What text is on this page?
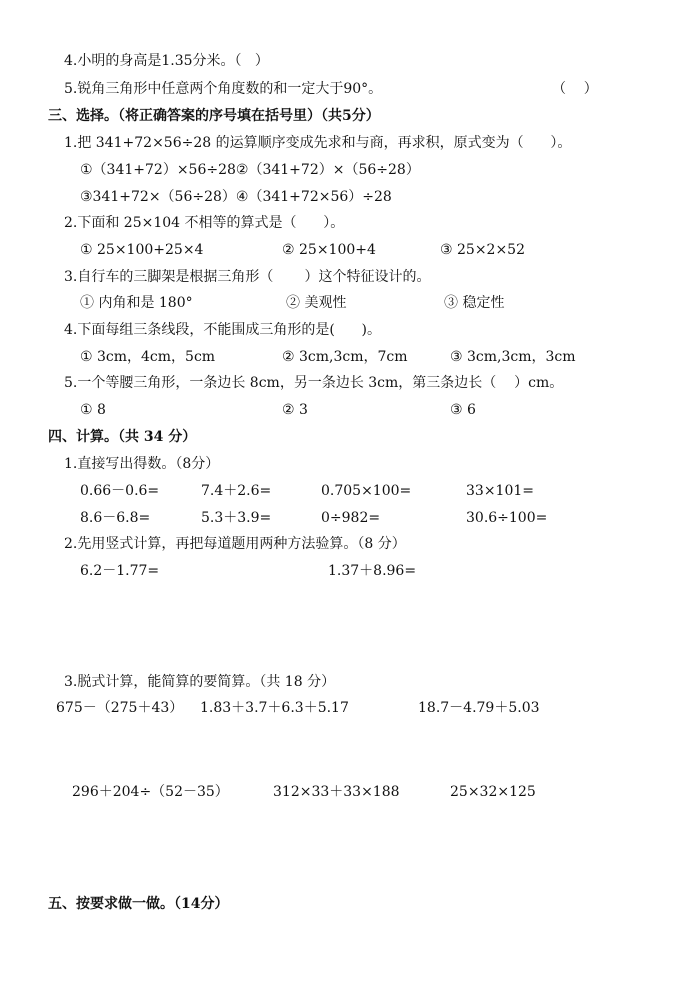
4.小明的身高是1.35分米。（   ）
5.锐角三角形中任意两个角度数的和一定大于90°。	（    ）
三、选择。（将正确答案的序号填在括号里）（共5分）
1.把 341+72×56÷28 的运算顺序变成先求和与商，再求积，原式变为（      ）。
①（341+72）×56÷28②（341+72）×（56÷28）
③341+72×（56÷28）④（341+72×56）÷28
2.下面和 25×104 不相等的算式是（      ）。
① 25×100+25×4	② 25×100+4	③ 25×2×52
3.自行车的三脚架是根据三角形（       ）这个特征设计的。
① 内角和是 180°	② 美观性	③ 稳定性
4.下面每组三条线段，不能围成三角形的是(      )。
① 3cm，4cm，5cm	② 3cm,3cm，7cm	③ 3cm,3cm，3cm
5.一个等腰三角形，一条边长 8cm，另一条边长 3cm，第三条边长（    ）cm。
① 8	② 3	③ 6
四、计算。（共 34 分）
1.直接写出得数。（8分）
0.66－0.6=	7.4＋2.6=	0.705×100=	33×101=
8.6－6.8=	5.3＋3.9=	0÷982=	30.6÷100=
2.先用竖式计算，再把每道题用两种方法验算。（8 分）
6.2－1.77=	1.37＋8.96=
3.脱式计算，能简算的要简算。（共 18 分）
675－（275＋43） 1.83＋3.7＋6.3＋5.17	18.7－4.79＋5.03
296＋204÷（52－35）	312×33＋33×188	25×32×125
五、按要求做一做。（14分）
